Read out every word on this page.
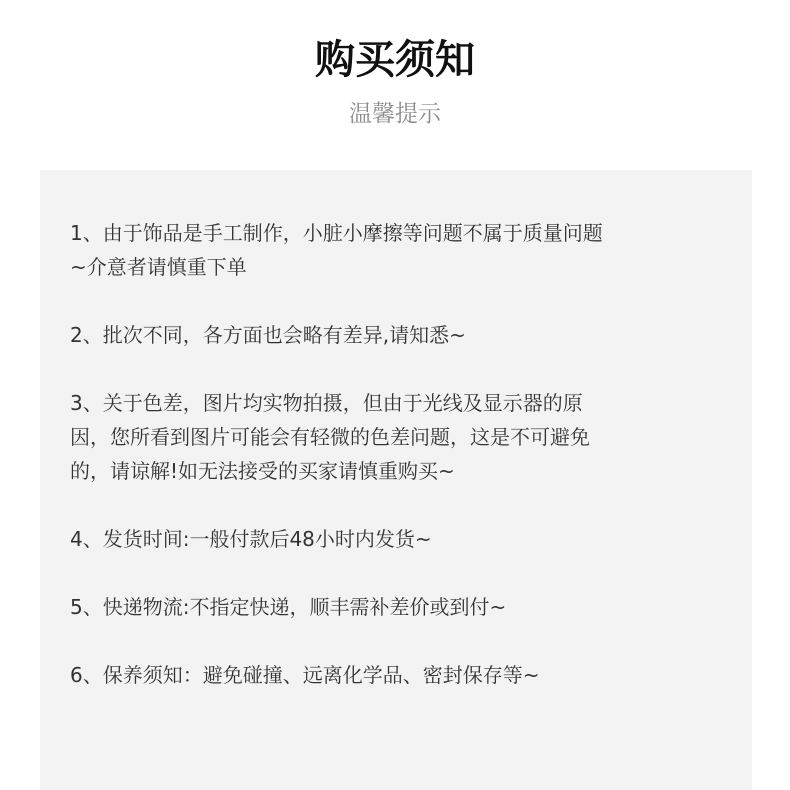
购买须知
温馨提示
1、由于饰品是手工制作，小脏小摩擦等问题不属于质量问题
~介意者请慎重下单
2、批次不同，各方面也会略有差异,请知悉~
3、关于色差，图片均实物拍摄，但由于光线及显示器的原
因，您所看到图片可能会有轻微的色差问题，这是不可避免
的，请谅解!如无法接受的买家请慎重购买~
4、发货时间:一般付款后48小时内发货~
5、快递物流:不指定快递，顺丰需补差价或到付~
6、保养须知：避免碰撞、远离化学品、密封保存等~
